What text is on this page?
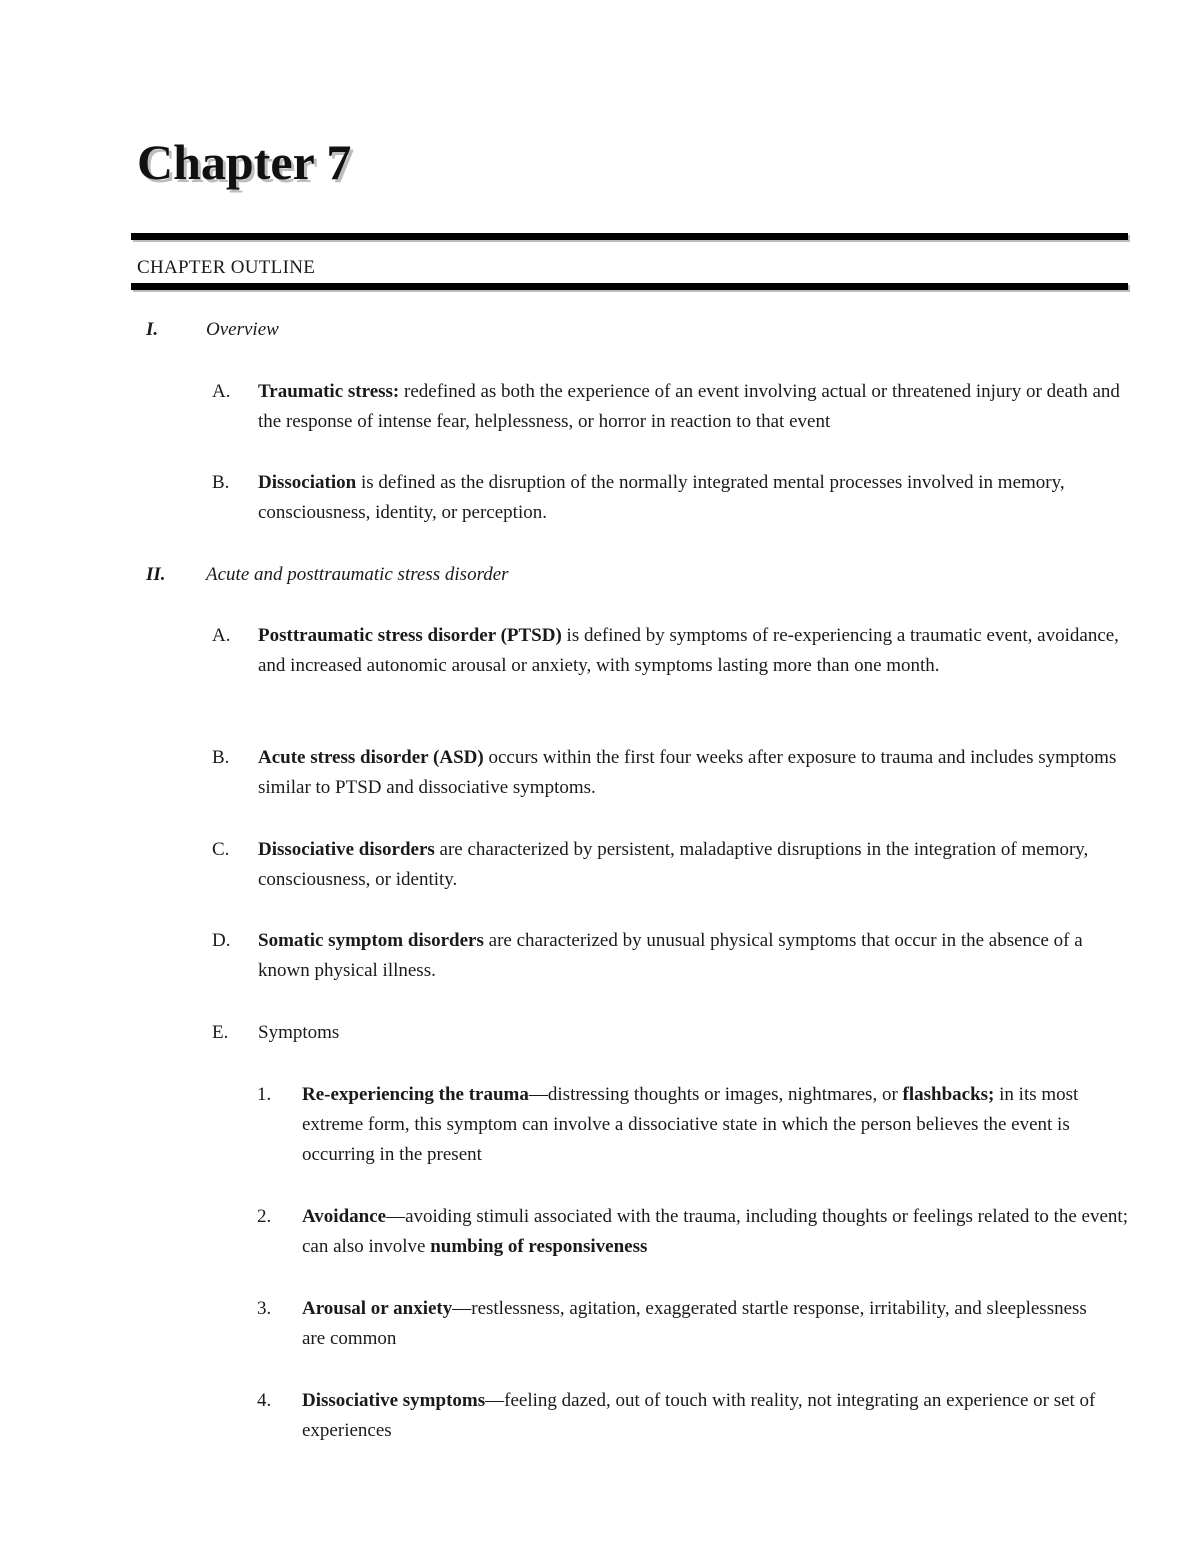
Chapter 7
CHAPTER OUTLINE
I.	Overview
A. Traumatic stress: redefined as both the experience of an event involving actual or threatened injury or death and the response of intense fear, helplessness, or horror in reaction to that event

B. Dissociation is defined as the disruption of the normally integrated mental processes involved in memory, consciousness, identity, or perception.

II. Acute and posttraumatic stress disorder
A. Posttraumatic stress disorder (PTSD) is defined by symptoms of re-experiencing a traumatic event, avoidance, and increased autonomic arousal or anxiety, with symptoms lasting more than one month.

B. Acute stress disorder (ASD) occurs within the first four weeks after exposure to trauma and includes symptoms similar to PTSD and dissociative symptoms.

C. Dissociative disorders are characterized by persistent, maladaptive disruptions in the integration of memory, consciousness, or identity.

D. Somatic symptom disorders are characterized by unusual physical symptoms that occur in the absence of a known physical illness.

E. Symptoms

1. Re-experiencing the trauma—distressing thoughts or images, nightmares, or flashbacks; in its most extreme form, this symptom can involve a dissociative state in which the person believes the event is occurring in the present

2. Avoidance—avoiding stimuli associated with the trauma, including thoughts or feelings related to the event; can also involve numbing of responsiveness

3. Arousal or anxiety—restlessness, agitation, exaggerated startle response, irritability, and sleeplessness are common

4. Dissociative symptoms—feeling dazed, out of touch with reality, not integrating an experience or set of experiences
